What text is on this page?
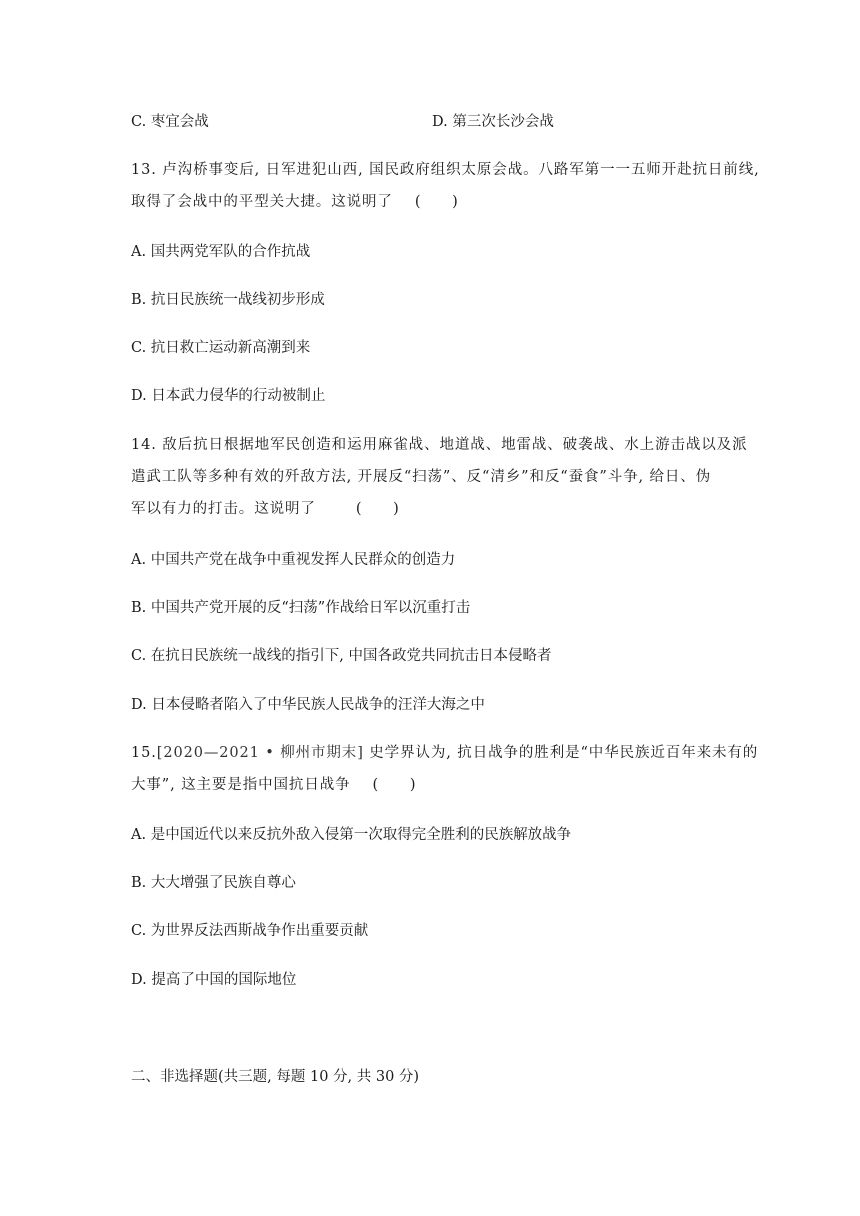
C. 枣宜会战	D. 第三次长沙会战
13. 卢沟桥事变后, 日军进犯山西, 国民政府组织太原会战。八路军第一一五师开赴抗日前线,
取得了会战中的平型关大捷。这说明了 (　　)
A. 国共两党军队的合作抗战
B. 抗日民族统一战线初步形成
C. 抗日救亡运动新高潮到来
D. 日本武力侵华的行动被制止
14. 敌后抗日根据地军民创造和运用麻雀战、地道战、地雷战、破袭战、水上游击战以及派
遣武工队等多种有效的歼敌方法, 开展反“扫荡”、反“清乡”和反“蚕食”斗争, 给日、伪
军以有力的打击。这说明了	(　　)
A. 中国共产党在战争中重视发挥人民群众的创造力
B. 中国共产党开展的反“扫荡”作战给日军以沉重打击
C. 在抗日民族统一战线的指引下, 中国各政党共同抗击日本侵略者
D. 日本侵略者陷入了中华民族人民战争的汪洋大海之中
15.[2020—2021 • 柳州市期末] 史学界认为, 抗日战争的胜利是“中华民族近百年来未有的
大事”, 这主要是指中国抗日战争 (　　)
A. 是中国近代以来反抗外敌入侵第一次取得完全胜利的民族解放战争
B. 大大增强了民族自尊心
C. 为世界反法西斯战争作出重要贡献
D. 提高了中国的国际地位
二、非选择题(共三题, 每题 10 分, 共 30 分)
